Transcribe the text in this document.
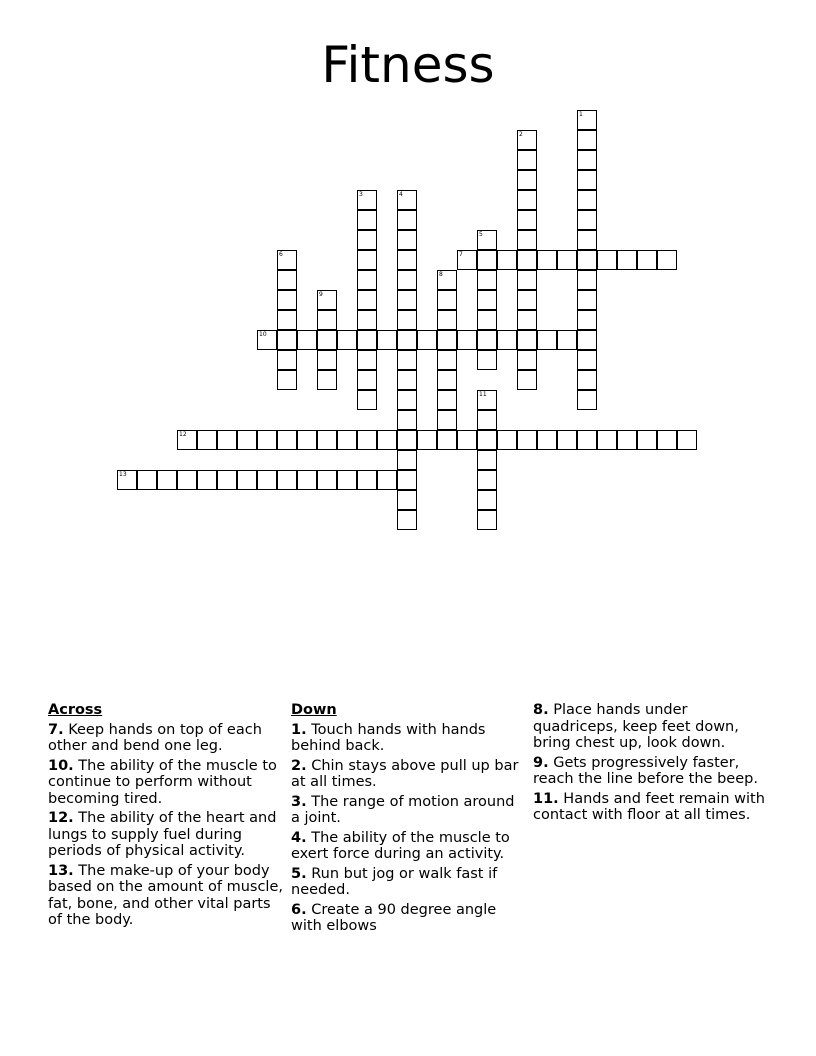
Fitness
1
2
3	4
5
6	7
8
9
10
11
12
13
Across
7. Keep hands on top of each other and bend one leg.
10. The ability of the muscle to continue to perform without becoming tired.
12. The ability of the heart and lungs to supply fuel during periods of physical activity.
13. The make-up of your body based on the amount of muscle, fat, bone, and other vital parts of the body.
Down
1. Touch hands with hands behind back.
2. Chin stays above pull up bar at all times.
3. The range of motion around a joint.
4. The ability of the muscle to exert force during an activity.
5. Run but jog or walk fast if needed.
6. Create a 90 degree angle with elbows
8. Place hands under quadriceps, keep feet down, bring chest up, look down.
9. Gets progressively faster, reach the line before the beep.
11. Hands and feet remain with contact with floor at all times.
